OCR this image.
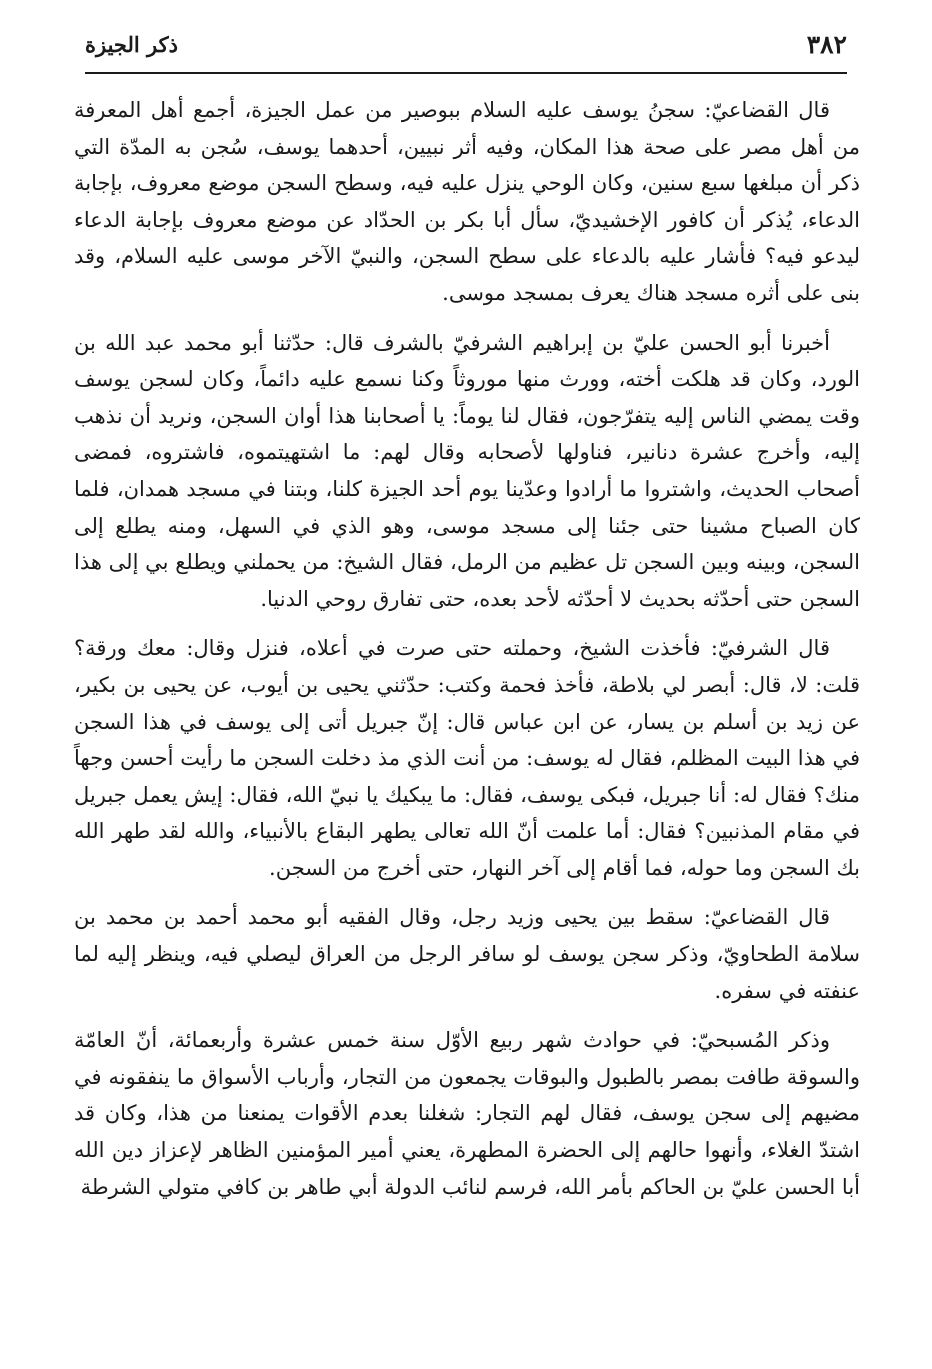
٣٨٢
ذكر الجيزة

قال القضاعيّ: سجنُ يوسف عليه السلام ببوصير من عمل الجيزة، أجمع أهل المعرفة من أهل مصر على صحة هذا المكان، وفيه أثر نبيين، أحدهما يوسف، سُجن به المدّة التي ذكر أن مبلغها سبع سنين، وكان الوحي ينزل عليه فيه، وسطح السجن موضع معروف، بإجابة الدعاء، يُذكر أن كافور الإخشيديّ، سأل أبا بكر بن الحدّاد عن موضع معروف بإجابة الدعاء ليدعو فيه؟ فأشار عليه بالدعاء على سطح السجن، والنبيّ الآخر موسى عليه السلام، وقد بنى على أثره مسجد هناك يعرف بمسجد موسى.

أخبرنا أبو الحسن عليّ بن إبراهيم الشرفيّ بالشرف قال: حدّثنا أبو محمد عبد الله بن الورد، وكان قد هلكت أخته، وورث منها موروثاً وكنا نسمع عليه دائماً، وكان لسجن يوسف وقت يمضي الناس إليه يتفرّجون، فقال لنا يوماً: يا أصحابنا هذا أوان السجن، ونريد أن نذهب إليه، وأخرج عشرة دنانير، فناولها لأصحابه وقال لهم: ما اشتهيتموه، فاشتروه، فمضى أصحاب الحديث، واشتروا ما أرادوا وعدّينا يوم أحد الجيزة كلنا، وبتنا في مسجد همدان، فلما كان الصباح مشينا حتى جئنا إلى مسجد موسى، وهو الذي في السهل، ومنه يطلع إلى السجن، وبينه وبين السجن تل عظيم من الرمل، فقال الشيخ: من يحملني ويطلع بي إلى هذا السجن حتى أحدّثه بحديث لا أحدّثه لأحد بعده، حتى تفارق روحي الدنيا.

قال الشرفيّ: فأخذت الشيخ، وحملته حتى صرت في أعلاه، فنزل وقال: معك ورقة؟ قلت: لا، قال: أبصر لي بلاطة، فأخذ فحمة وكتب: حدّثني يحيى بن أيوب، عن يحيى بن بكير، عن زيد بن أسلم بن يسار، عن ابن عباس قال: إنّ جبريل أتى إلى يوسف في هذا السجن في هذا البيت المظلم، فقال له يوسف: من أنت الذي مذ دخلت السجن ما رأيت أحسن وجهاً منك؟ فقال له: أنا جبريل، فبكى يوسف، فقال: ما يبكيك يا نبيّ الله، فقال: إيش يعمل جبريل في مقام المذنبين؟ فقال: أما علمت أنّ الله تعالى يطهر البقاع بالأنبياء، والله لقد طهر الله بك السجن وما حوله، فما أقام إلى آخر النهار، حتى أخرج من السجن.

قال القضاعيّ: سقط بين يحيى وزيد رجل، وقال الفقيه أبو محمد أحمد بن محمد بن سلامة الطحاويّ، وذكر سجن يوسف لو سافر الرجل من العراق ليصلي فيه، وينظر إليه لما عنفته في سفره.

وذكر المُسبحيّ: في حوادث شهر ربيع الأوّل سنة خمس عشرة وأربعمائة، أنّ العامّة والسوقة طافت بمصر بالطبول والبوقات يجمعون من التجار، وأرباب الأسواق ما ينفقونه في مضيهم إلى سجن يوسف، فقال لهم التجار: شغلنا بعدم الأقوات يمنعنا من هذا، وكان قد اشتدّ الغلاء، وأنهوا حالهم إلى الحضرة المطهرة، يعني أمير المؤمنين الظاهر لإعزاز دين الله أبا الحسن عليّ بن الحاكم بأمر الله، فرسم لنائب الدولة أبي طاهر بن كافي متولي الشرطة
